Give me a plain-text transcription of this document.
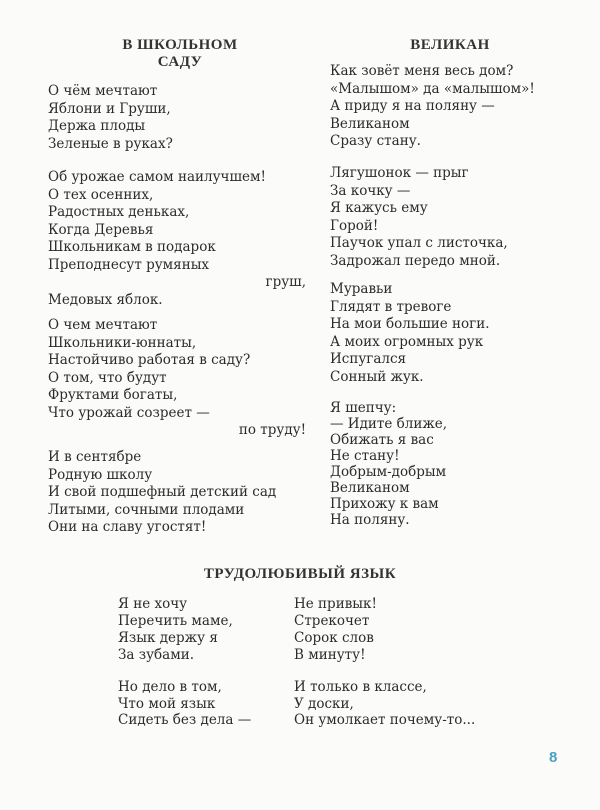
В ШКОЛЬНОМ
САДУ
О чём мечтают
Яблони и Груши,
Держа плоды
Зеленые в руках?
Об урожае самом наилучшем!
О тех осенних,
Радостных деньках,
Когда Деревья
Школьникам в подарок
Преподнесут румяных
груш,
Медовых яблок.
О чем мечтают
Школьники-юннаты,
Настойчиво работая в саду?
О том, что будут
Фруктами богаты,
Что урожай созреет —
по труду!
И в сентябре
Родную школу
И свой подшефный детский сад
Литыми, сочными плодами
Они на славу угостят!
ВЕЛИКАН
Как зовёт меня весь дом?
«Малышом» да «малышом»!
А приду я на поляну —
Великаном
Сразу стану.
Лягушонок — прыг
За кочку —
Я кажусь ему
Горой!
Паучок упал с листочка,
Задрожал передо мной.
Муравьи
Глядят в тревоге
На мои большие ноги.
А моих огромных рук
Испугался
Сонный жук.
Я шепчу:
— Идите ближе,
Обижать я вас
Не стану!
Добрым-добрым
Великаном
Прихожу к вам
На поляну.
ТРУДОЛЮБИВЫЙ ЯЗЫК
Я не хочу
Перечить маме,
Язык держу я
За зубами.
Не привык!
Стрекочет
Сорок слов
В минуту!
Но дело в том,
Что мой язык
Сидеть без дела —
И только в классе,
У доски,
Он умолкает почему-то...
8
